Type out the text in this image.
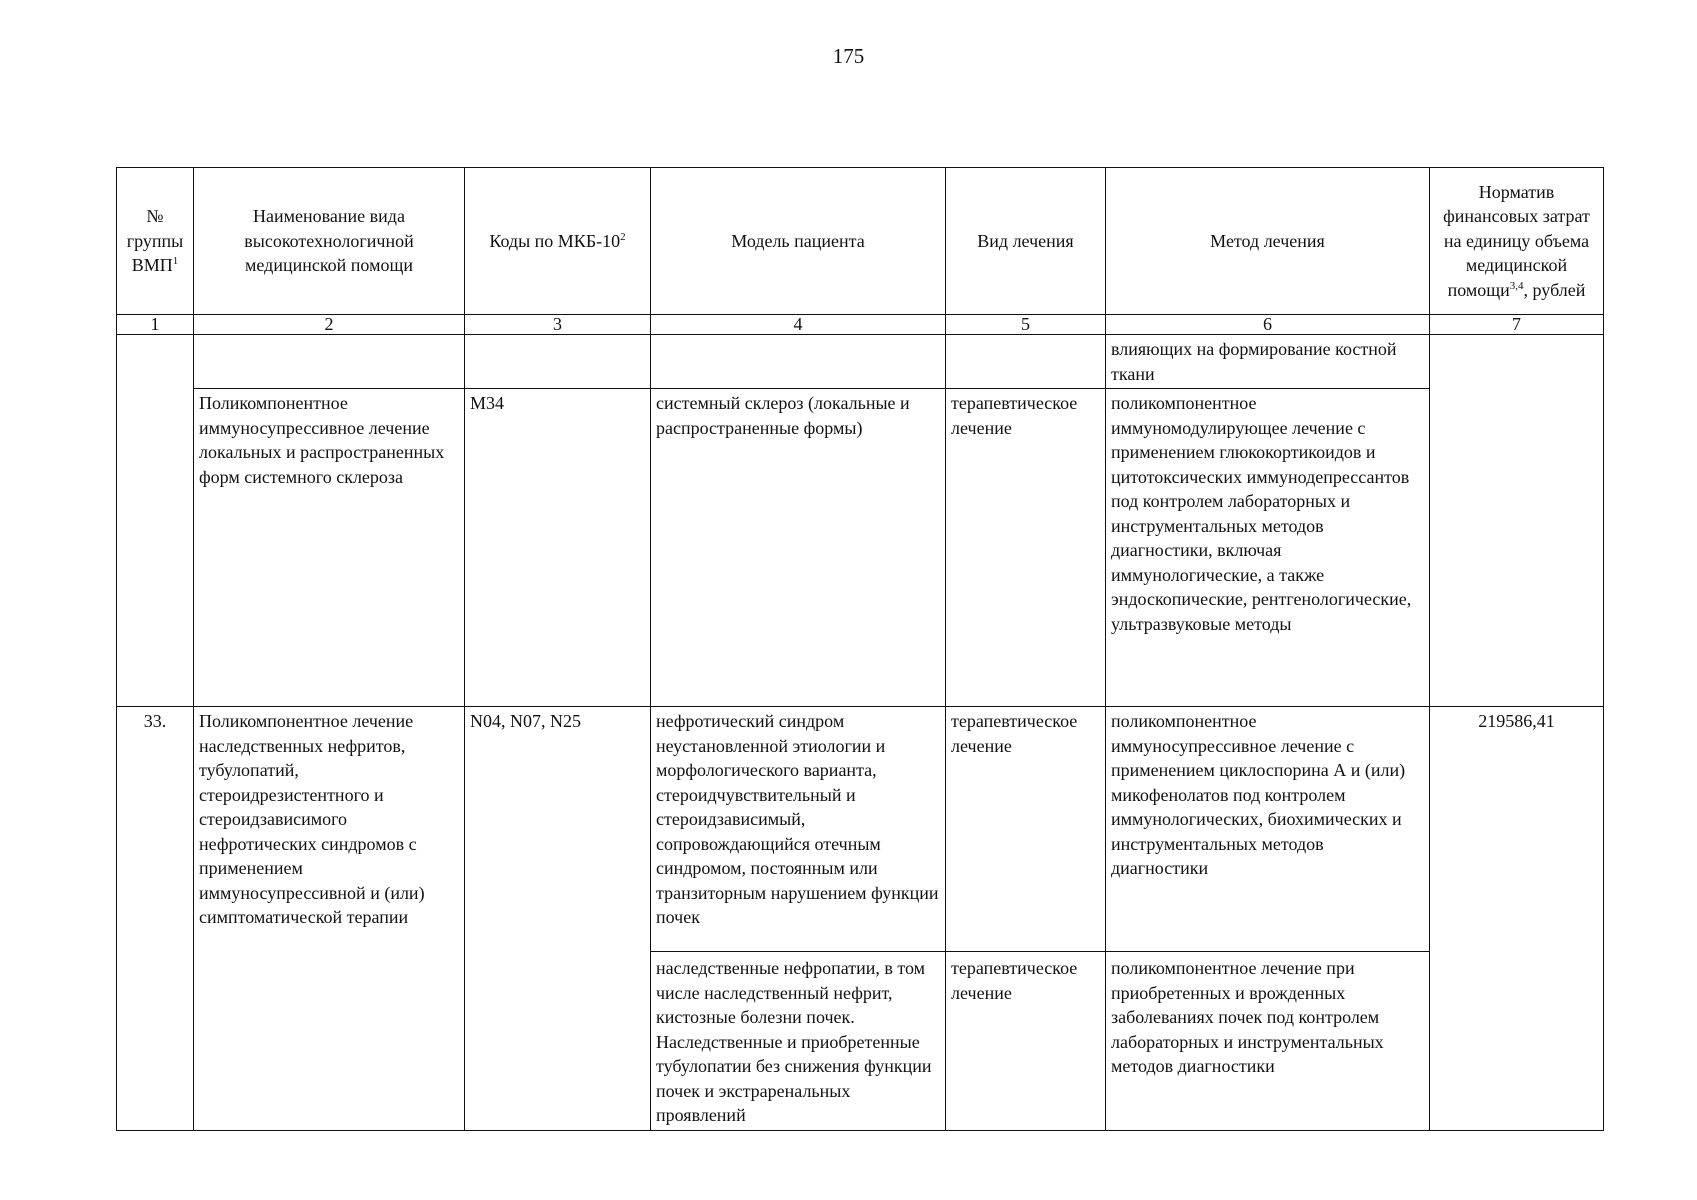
175
№ группы ВМП$^1$	Наименование вида высокотехнологичной медицинской помощи	Коды по МКБ-$10^2$	Модель пациента	Вид лечения	Метод лечения	Норматив финансовых затрат на единицу объема медицинской помощи$^{3,4}$, рублей
1	2	3	4	5	6	7
					влияющих на формирование костной ткани	
	Поликомпонентное иммуносупрессивное лечение локальных и распространенных форм системного склероза	M34	системный склероз (локальные и распространенные формы)	терапевтическое лечение	поликомпонентное иммуномодулирующее лечение с применением глюкокортикоидов и цитотоксических иммунодепрессантов под контролем лабораторных и инструментальных методов диагностики, включая иммунологические, а также эндоскопические, рентгенологические, ультразвуковые методы	
33.	Поликомпонентное лечение наследственных нефритов, тубулопатий, стероидрезистентного и стероидзависимого нефротических синдромов с применением иммуносупрессивной и (или) симптоматической терапии	N04, N07, N25	нефротический синдром неустановленной этиологии и морфологического варианта, стероидчувствительный и стероидзависимый, сопровождающийся отечным синдромом, постоянным или транзиторным нарушением функции почек	терапевтическое лечение	поликомпонентное иммуносупрессивное лечение с применением циклоспорина А и (или) микофенолатов под контролем иммунологических, биохимических и инструментальных методов диагностики	219586,41
			наследственные нефропатии, в том числе наследственный нефрит, кистозные болезни почек. Наследственные и приобретенные тубулопатии без снижения функции почек и экстраренальных проявлений	терапевтическое лечение	поликомпонентное лечение при приобретенных и врожденных заболеваниях почек под контролем лабораторных и инструментальных методов диагностики	
